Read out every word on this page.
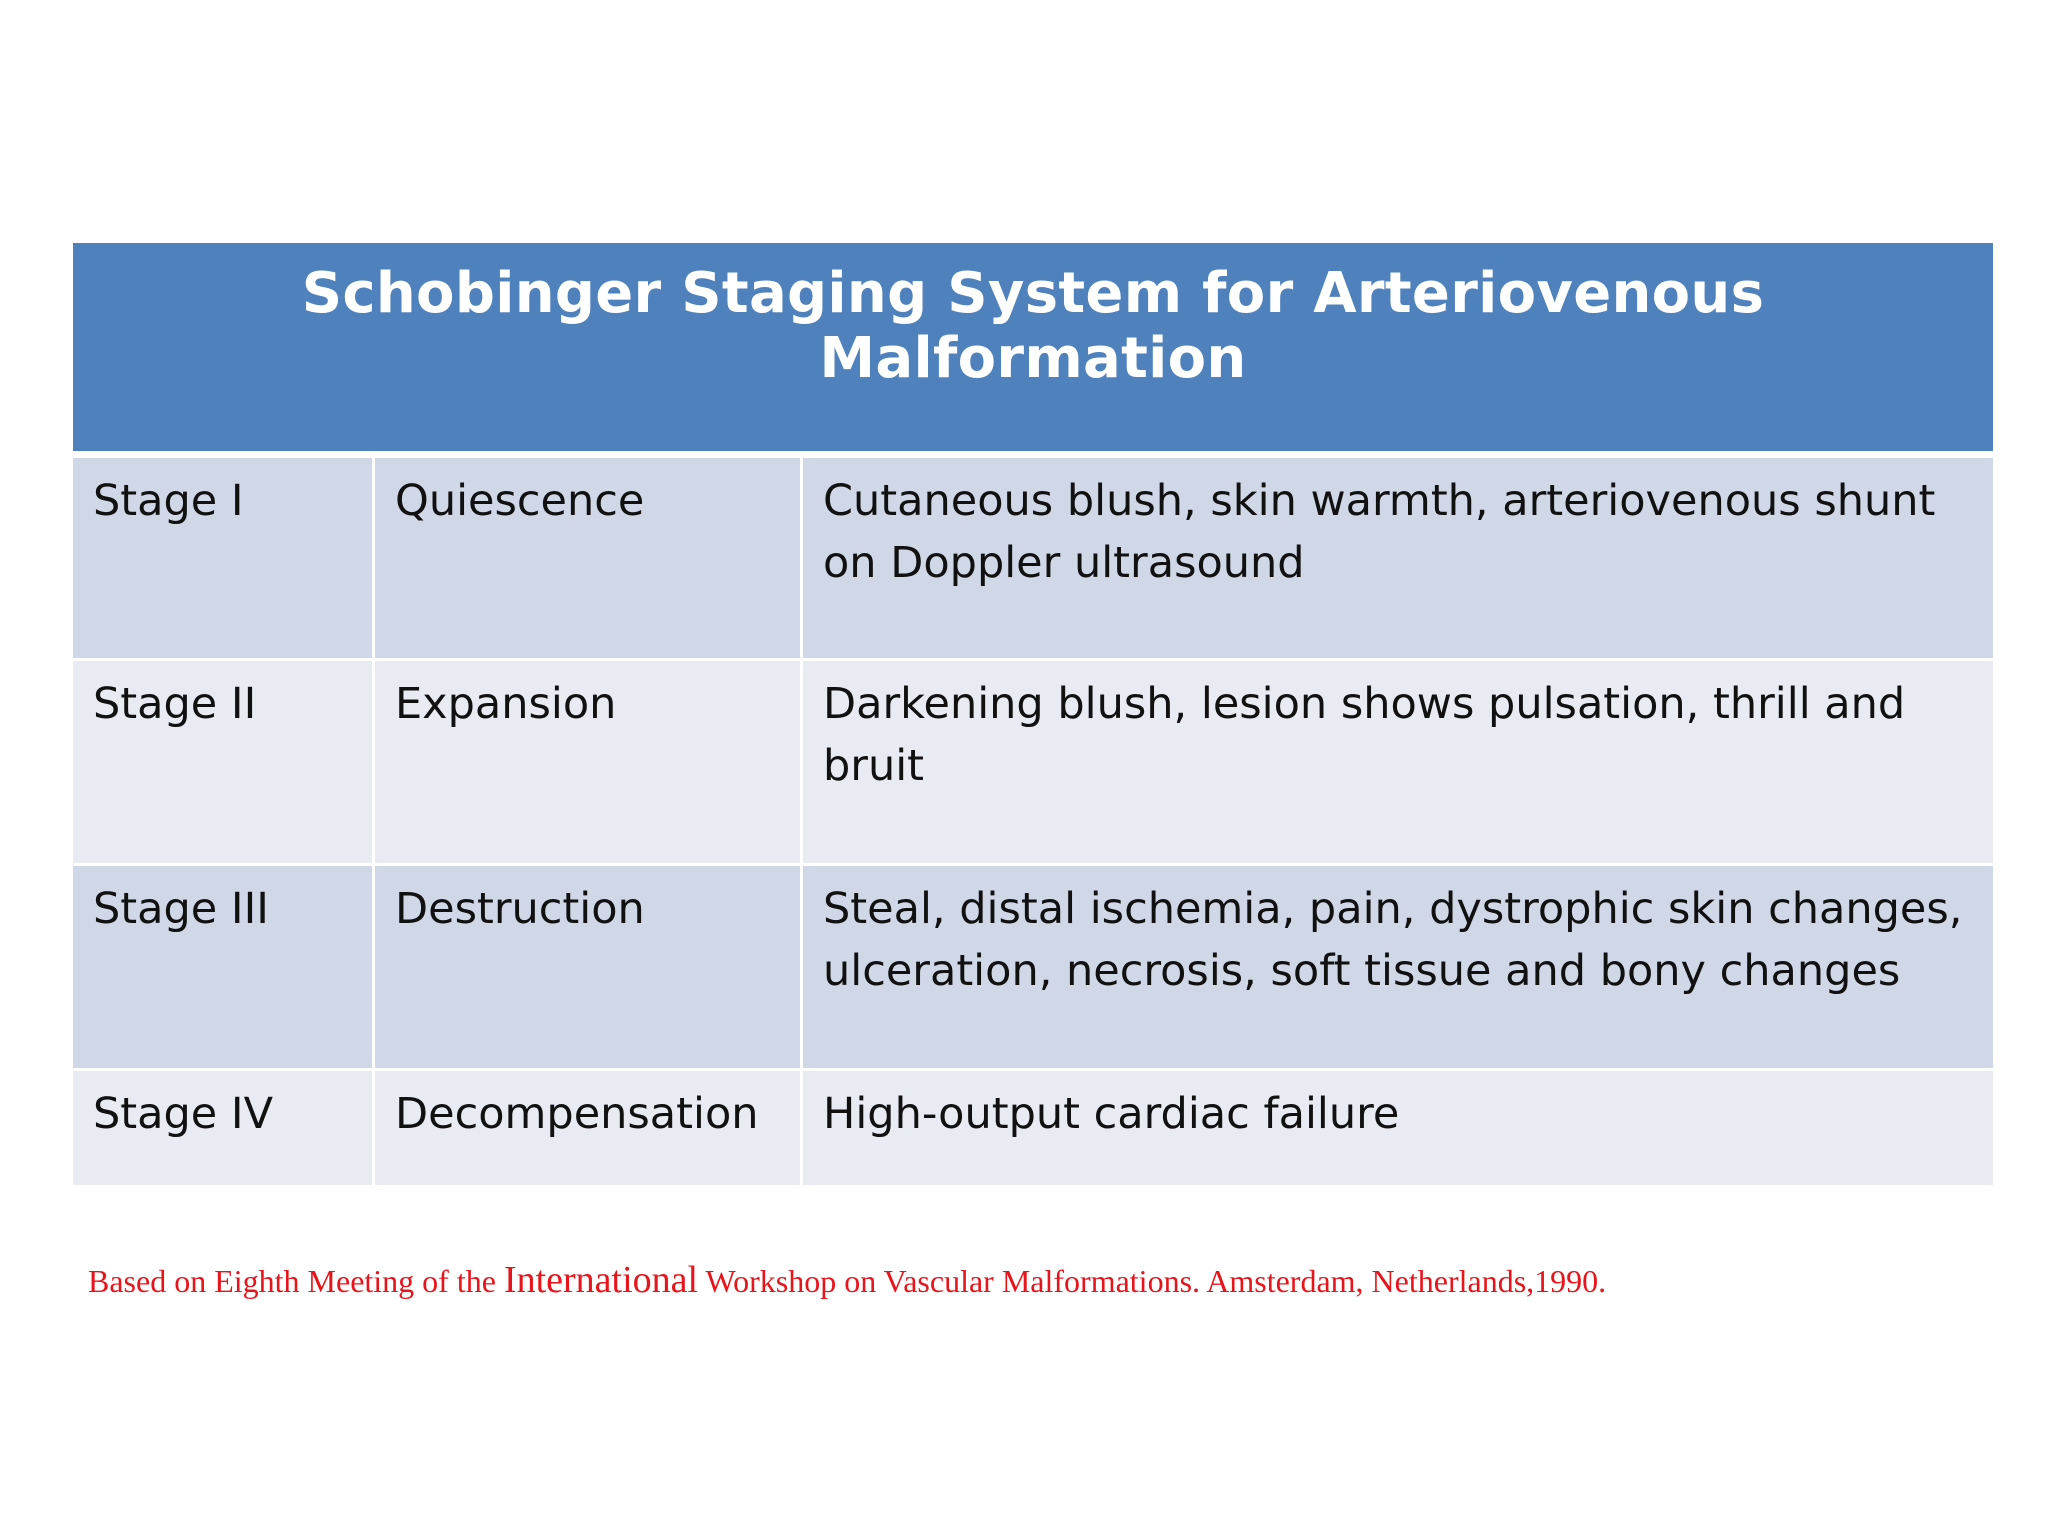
Schobinger Staging System for Arteriovenous Malformation		
Stage I	Quiescence	Cutaneous blush, skin warmth, arteriovenous shunt on Doppler ultrasound
Stage II	Expansion	Darkening blush, lesion shows pulsation, thrill and bruit
Stage III	Destruction	Steal, distal ischemia, pain, dystrophic skin changes, ulceration, necrosis, soft tissue and bony changes
Stage IV	Decompensation	High-output cardiac failure
Based on Eighth Meeting of the International Workshop on Vascular Malformations. Amsterdam, Netherlands,1990.
